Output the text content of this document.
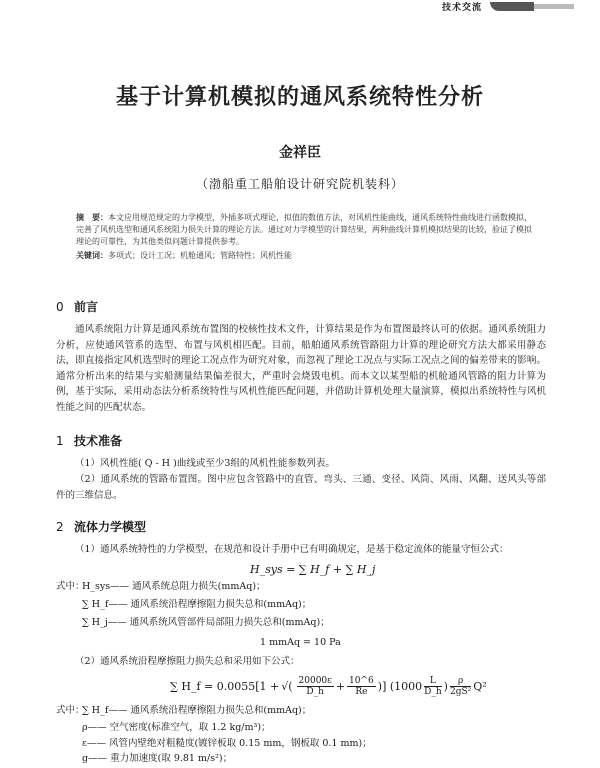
技术交流
基于计算机模拟的通风系统特性分析
金祥臣
（渤船重工船舶设计研究院机装科）
摘　要：本文应用规范规定的力学模型，外插多项式理论，拟值的数值方法，对风机性能曲线，通风系统特性曲线进行函数模拟，完善了风机选型和通风系统阻力损失计算的理论方法。通过对力学模型的计算结果，两种曲线计算机模拟结果的比较，验证了模拟理论的可靠性，为其他类似问题计算提供参考。
关键词：多项式；设计工况；机舱通风；管路特性；风机性能
0 前言
通风系统阻力计算是通风系统布置图的校核性技术文件，计算结果是作为布置图最终认可的依据。通风系统阻力分析，应使通风管系的选型、布置与风机相匹配。目前，船舶通风系统管路阻力计算的理论研究方法大都采用静态法，即直接指定风机选型时的理论工况点作为研究对象，而忽视了理论工况点与实际工况点之间的偏差带来的影响。通常分析出来的结果与实船测量结果偏差很大，严重时会烧毁电机。而本文以某型船的机舱通风管路的阻力计算为例，基于实际，采用动态法分析系统特性与风机性能匹配问题，并借助计算机处理大量演算，模拟出系统特性与风机性能之间的匹配状态。
1 技术准备
（1）风机性能( Q - H )曲线或至少3组的风机性能参数列表。
（2）通风系统的管路布置图。图中应包含管路中的直管、弯头、三通、变径、风筒、风雨、风翻、送风头等部件的三维信息。
2 流体力学模型
（1）通风系统特性的力学模型，在规范和设计手册中已有明确规定，是基于稳定流体的能量守恒公式：
H_sys = ∑ H_f + ∑ H_j
式中：
H_sys—— 通风系统总阻力损失(mmAq)；
∑ H_f—— 通风系统沿程摩擦阻力损失总和(mmAq)；
∑ H_j—— 通风系统风管部件局部阻力损失总和(mmAq)；
1 mmAq = 10 Pa
（2）通风系统沿程摩擦阻力损失总和采用如下公式：
∑ H_f = 0.0055[1 + √( $\frac{20000\varepsilon}{D\_h} + \frac{10\^{}6}{Re}$ ) ] ($1000 \frac{L}{D\_h}$ ) $\frac{\rho}{\text{2gS²}} Q^2$
式中：
∑ H_f—— 通风系统沿程摩擦阻力损失总和(mmAq)；
ρ—— 空气密度(标准空气，取 1.2 kg/m³)；
ε—— 风管内壁绝对粗糙度(镀锌板取 0.15 mm，钢板取 0.1 mm)；
g—— 重力加速度(取 9.81 m/s²)；
